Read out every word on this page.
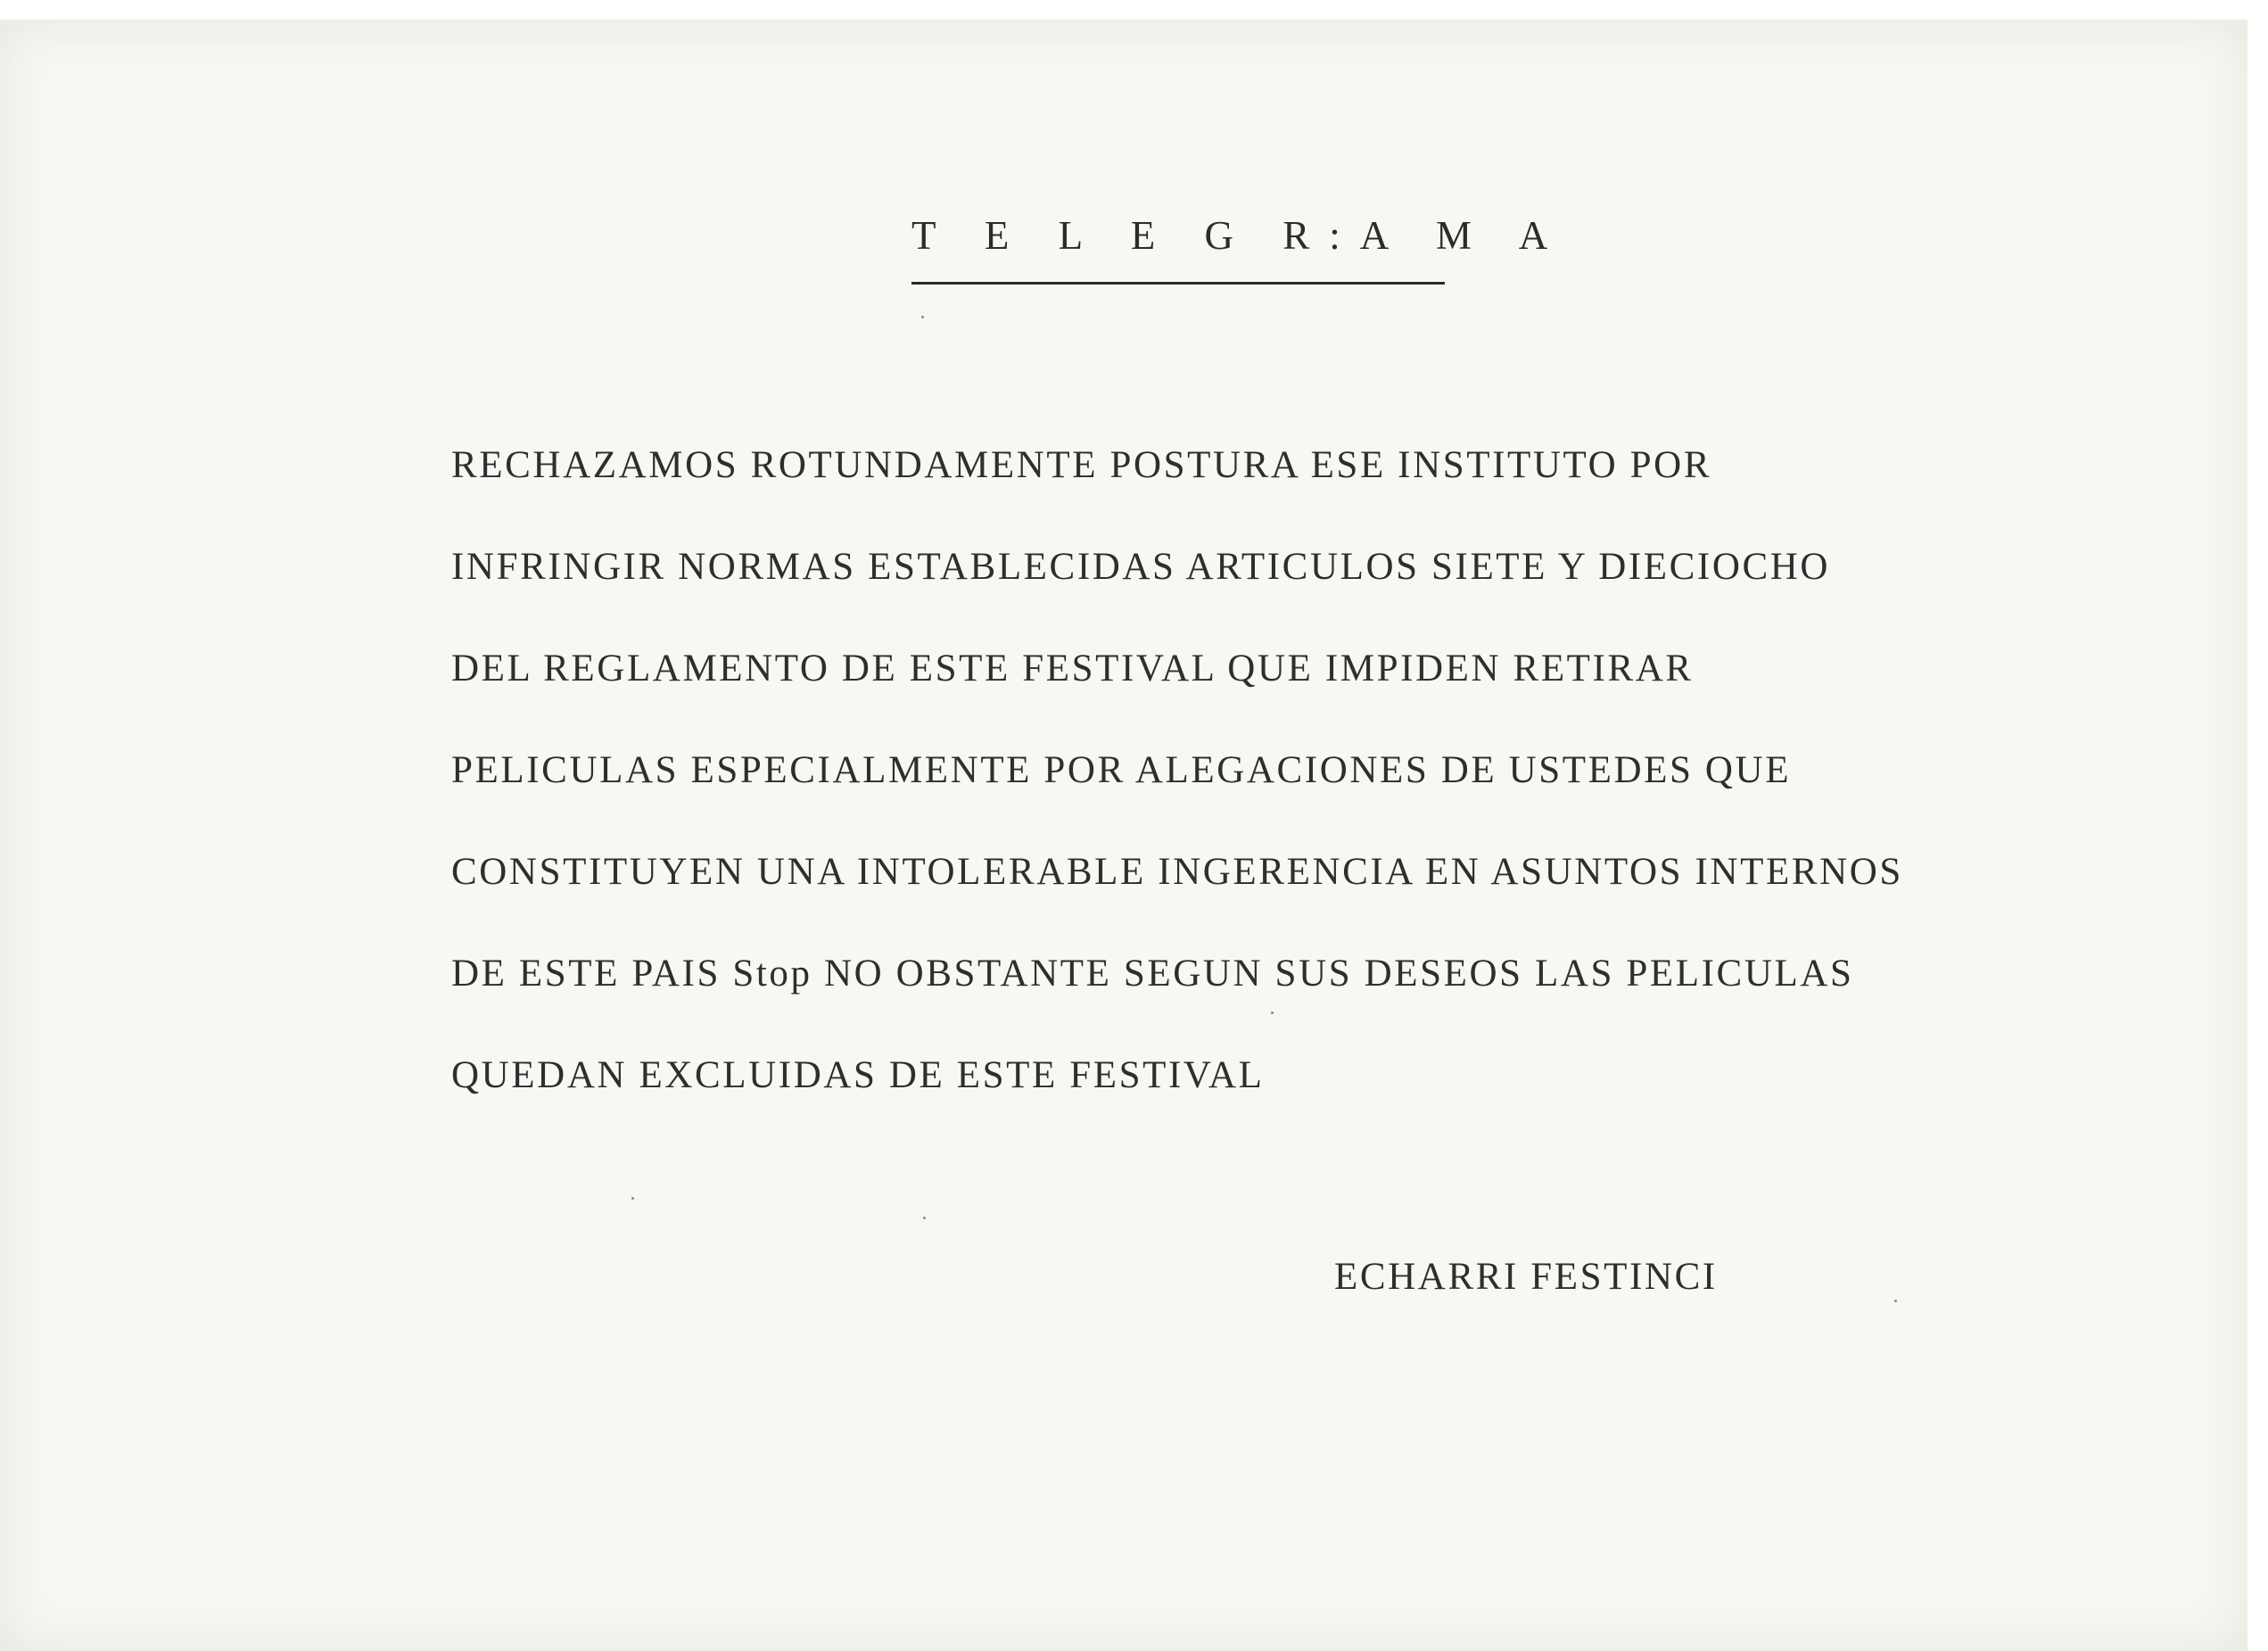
T E L E G R:A M A
RECHAZAMOS ROTUNDAMENTE POSTURA ESE INSTITUTO POR
INFRINGIR NORMAS ESTABLECIDAS ARTICULOS SIETE Y DIECIOCHO
DEL REGLAMENTO DE ESTE FESTIVAL QUE IMPIDEN RETIRAR
PELICULAS ESPECIALMENTE POR ALEGACIONES DE USTEDES QUE
CONSTITUYEN UNA INTOLERABLE INGERENCIA EN ASUNTOS INTERNOS
DE ESTE PAIS Stop NO OBSTANTE SEGUN SUS DESEOS LAS PELICULAS
QUEDAN EXCLUIDAS DE ESTE FESTIVAL
ECHARRI FESTINCI
